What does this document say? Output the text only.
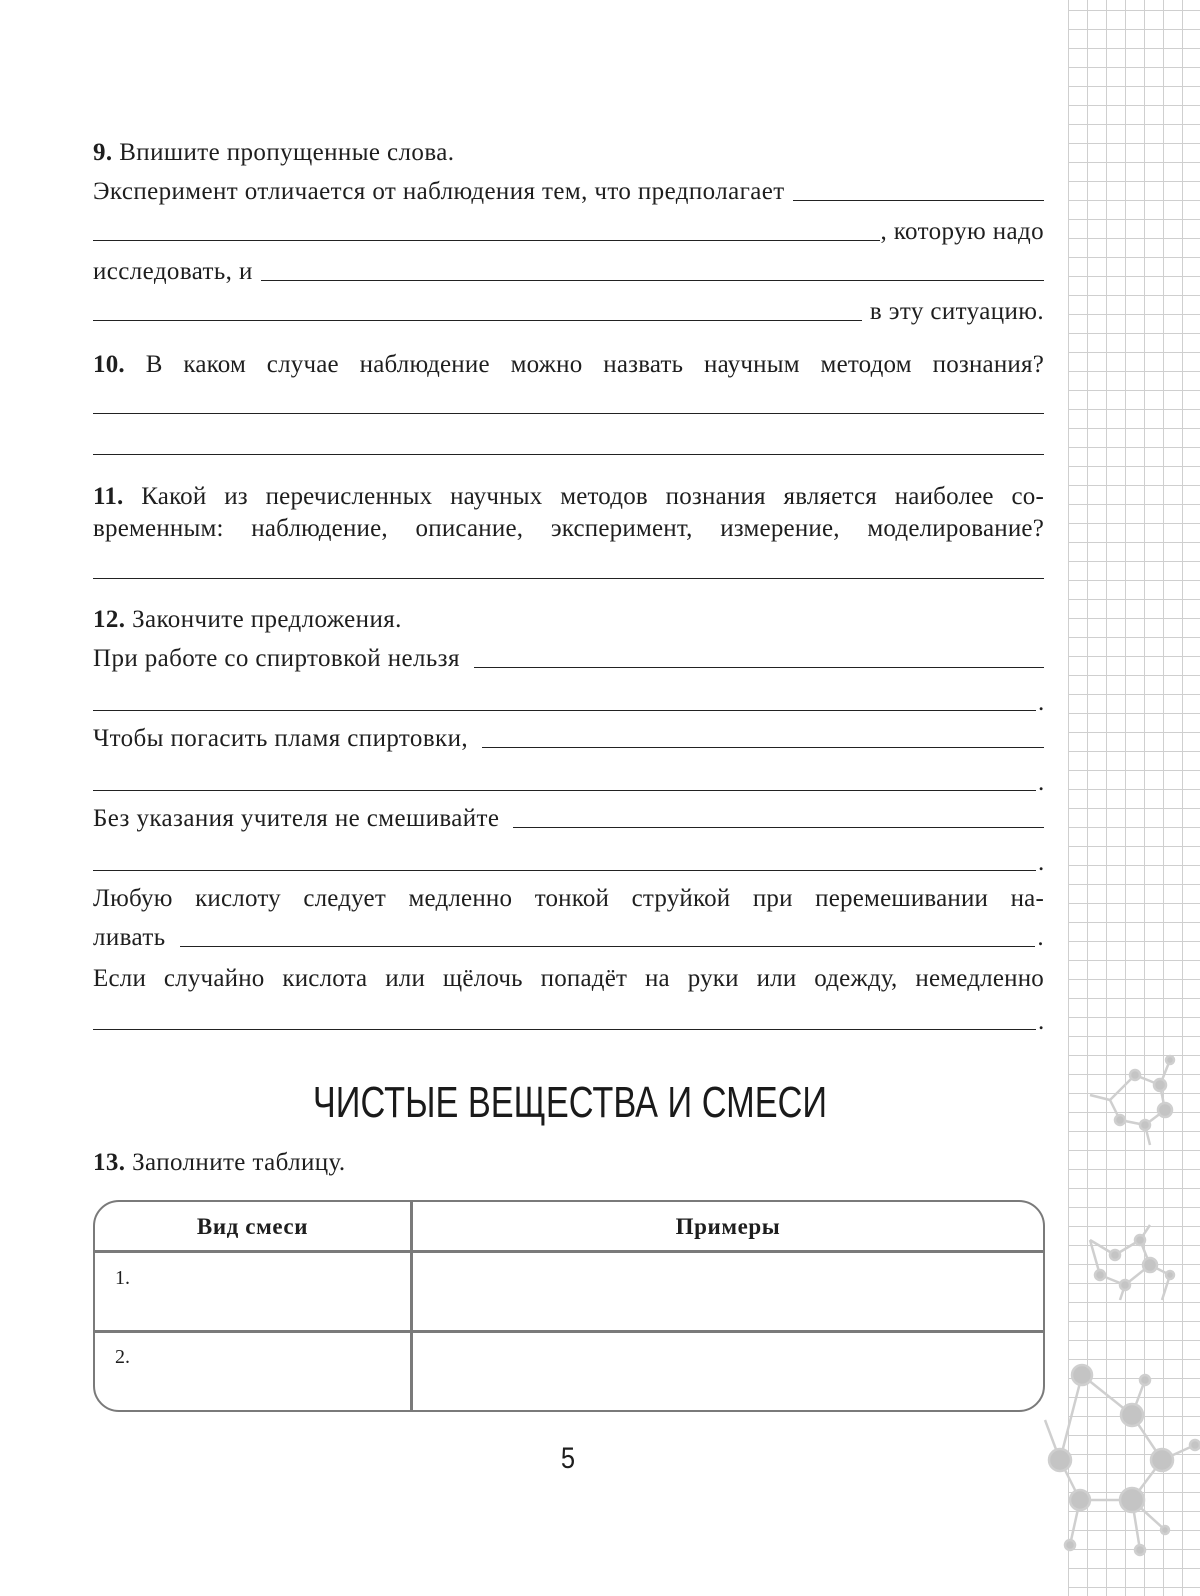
9. Впишите пропущенные слова.
Эксперимент отличается от наблюдения тем, что предполагает
, которую надо
исследовать, и
в эту ситуацию.
10. В каком случае наблюдение можно назвать научным методом познания?
11. Какой из перечисленных научных методов познания является наиболее со-
временным: наблюдение, описание, эксперимент, измерение, моделирование?
12. Закончите предложения.
При работе со спиртовкой нельзя
.
Чтобы погасить пламя спиртовки,
.
Без указания учителя не смешивайте
.
Любую кислоту следует медленно тонкой струйкой при перемешивании на-
ливать	.
Если случайно кислота или щёлочь попадёт на руки или одежду, немедленно
.
ЧИСТЫЕ ВЕЩЕСТВА И СМЕСИ
13. Заполните таблицу.
Вид смеси	Примеры
1.
2.
5
